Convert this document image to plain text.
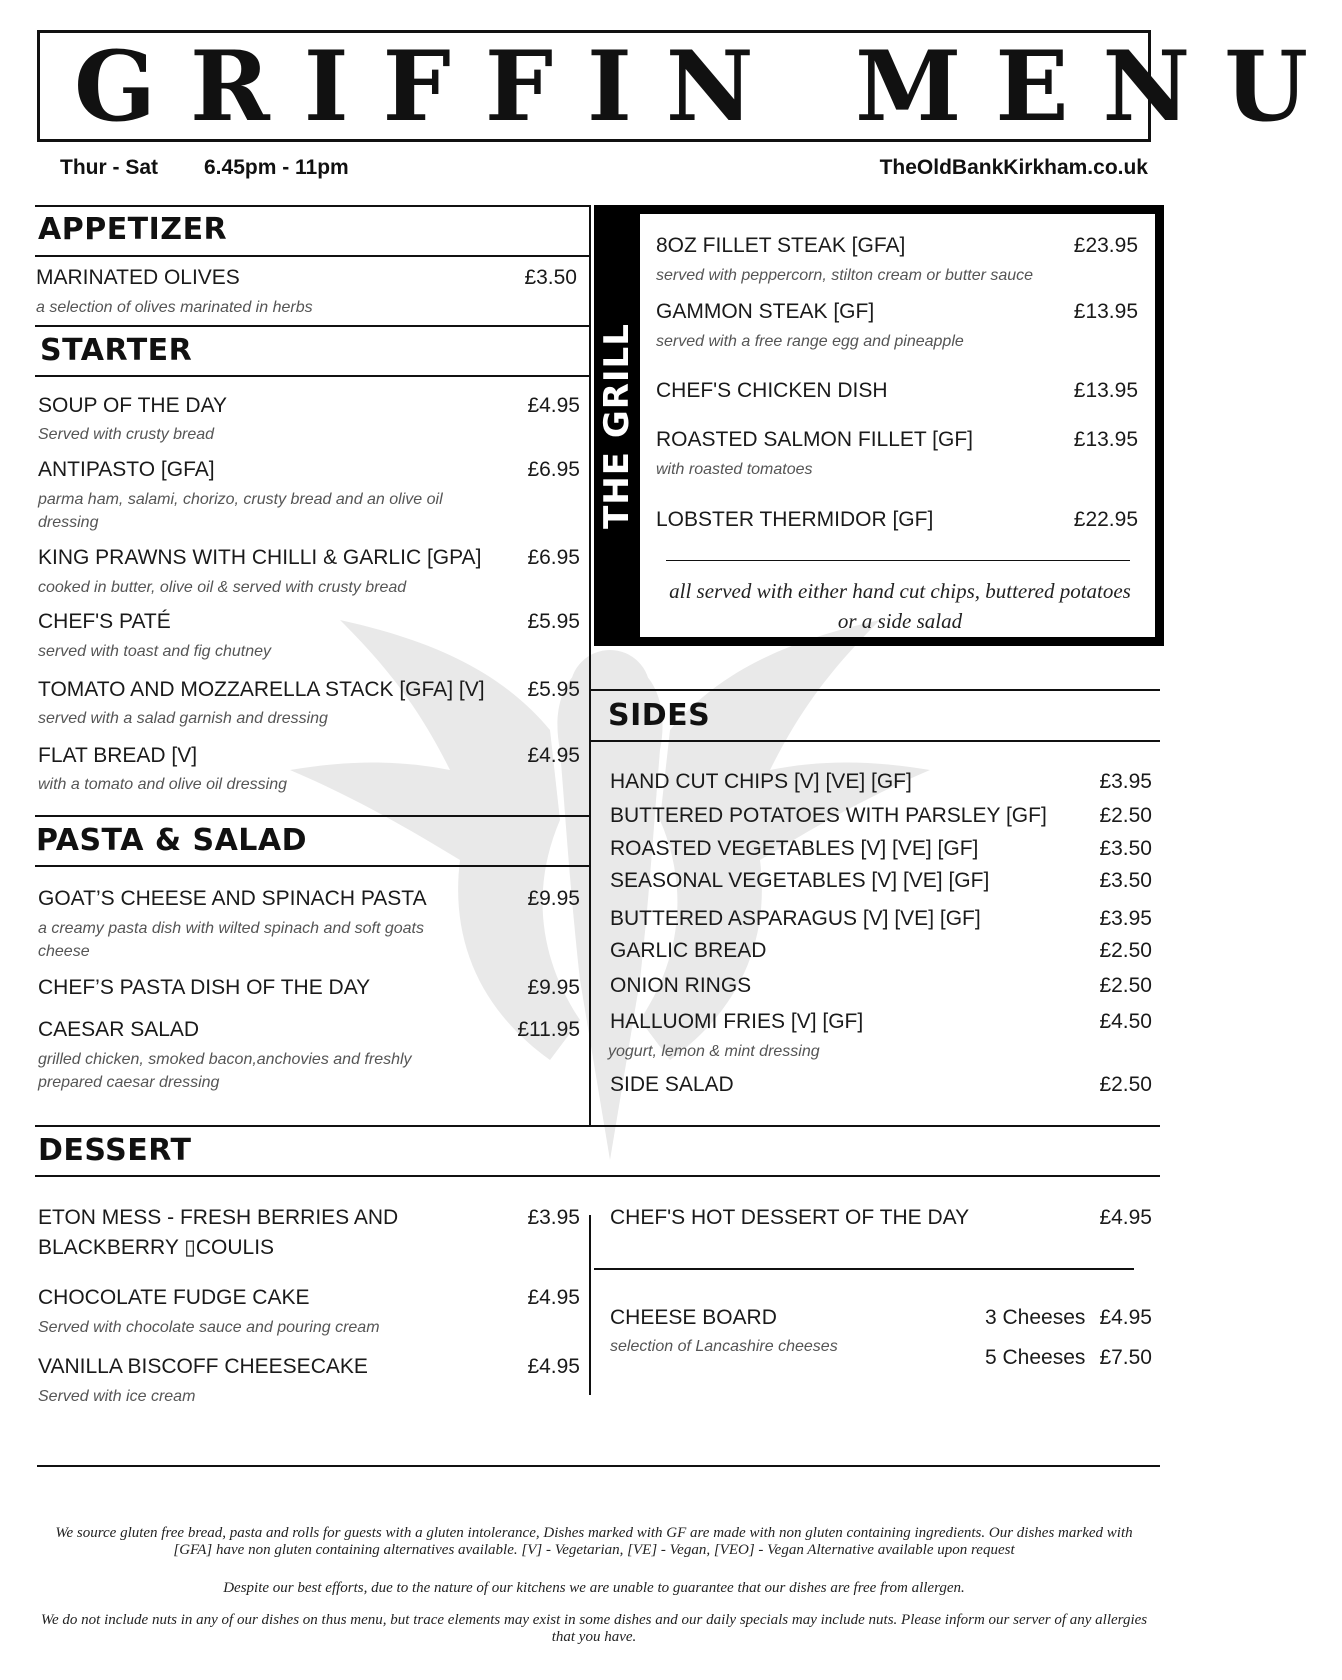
GRIFFIN MENU
Thur - Sat 6.45pm - 11pm	TheOldBankKirkham.co.uk
APPETIZER
MARINATED OLIVES	£3.50
a selection of olives marinated in herbs
STARTER
SOUP OF THE DAY	£4.95
Served with crusty bread
ANTIPASTO [GFA]	£6.95
parma ham, salami, chorizo, crusty bread and an olive oil dressing
KING PRAWNS WITH CHILLI & GARLIC [GPA]	£6.95
cooked in butter, olive oil & served with crusty bread
CHEF'S PATÉ	£5.95
served with toast and fig chutney
TOMATO AND MOZZARELLA STACK [GFA] [V]	£5.95
served with a salad garnish and dressing
FLAT BREAD [V]	£4.95
with a tomato and olive oil dressing
PASTA & SALAD
GOAT’S CHEESE AND SPINACH PASTA	£9.95
a creamy pasta dish with wilted spinach and soft goats cheese
CHEF’S PASTA DISH OF THE DAY	£9.95
CAESAR SALAD	£11.95
grilled chicken, smoked bacon,anchovies and freshly prepared caesar dressing
THE GRILL
8OZ FILLET STEAK [GFA]	£23.95
served with peppercorn, stilton cream or butter sauce
GAMMON STEAK [GF]	£13.95
served with a free range egg and pineapple
CHEF'S CHICKEN DISH	£13.95
ROASTED SALMON FILLET [GF]	£13.95
with roasted tomatoes
LOBSTER THERMIDOR [GF]	£22.95
all served with either hand cut chips, buttered potatoes or a side salad
SIDES
HAND CUT CHIPS [V] [VE] [GF]	£3.95
BUTTERED POTATOES WITH PARSLEY [GF]	£2.50
ROASTED VEGETABLES [V] [VE] [GF]	£3.50
SEASONAL VEGETABLES [V] [VE] [GF]	£3.50
BUTTERED ASPARAGUS [V] [VE] [GF]	£3.95
GARLIC BREAD	£2.50
ONION RINGS	£2.50
HALLUOMI FRIES [V] [GF]	£4.50
yogurt, lemon & mint dressing
SIDE SALAD	£2.50
DESSERT
ETON MESS - FRESH BERRIES AND
BLACKBERRY ▯COULIS
£3.95
CHOCOLATE FUDGE CAKE	£4.95
Served with chocolate sauce and pouring cream
VANILLA BISCOFF CHEESECAKE	£4.95
Served with ice cream
CHEF'S HOT DESSERT OF THE DAY	£4.95
CHEESE BOARD
selection of Lancashire cheeses
3 Cheeses £4.95
5 Cheeses £7.50

We source gluten free bread, pasta and rolls for guests with a gluten intolerance, Dishes marked with GF are made with non gluten containing ingredients. Our dishes marked with [GFA] have non gluten containing alternatives available. [V] - Vegetarian, [VE] - Vegan, [VEO] - Vegan Alternative available upon request

Despite our best efforts, due to the nature of our kitchens we are unable to guarantee that our dishes are free from allergen.

We do not include nuts in any of our dishes on thus menu, but trace elements may exist in some dishes and our daily specials may include nuts. Please inform our server of any allergies that you have.
